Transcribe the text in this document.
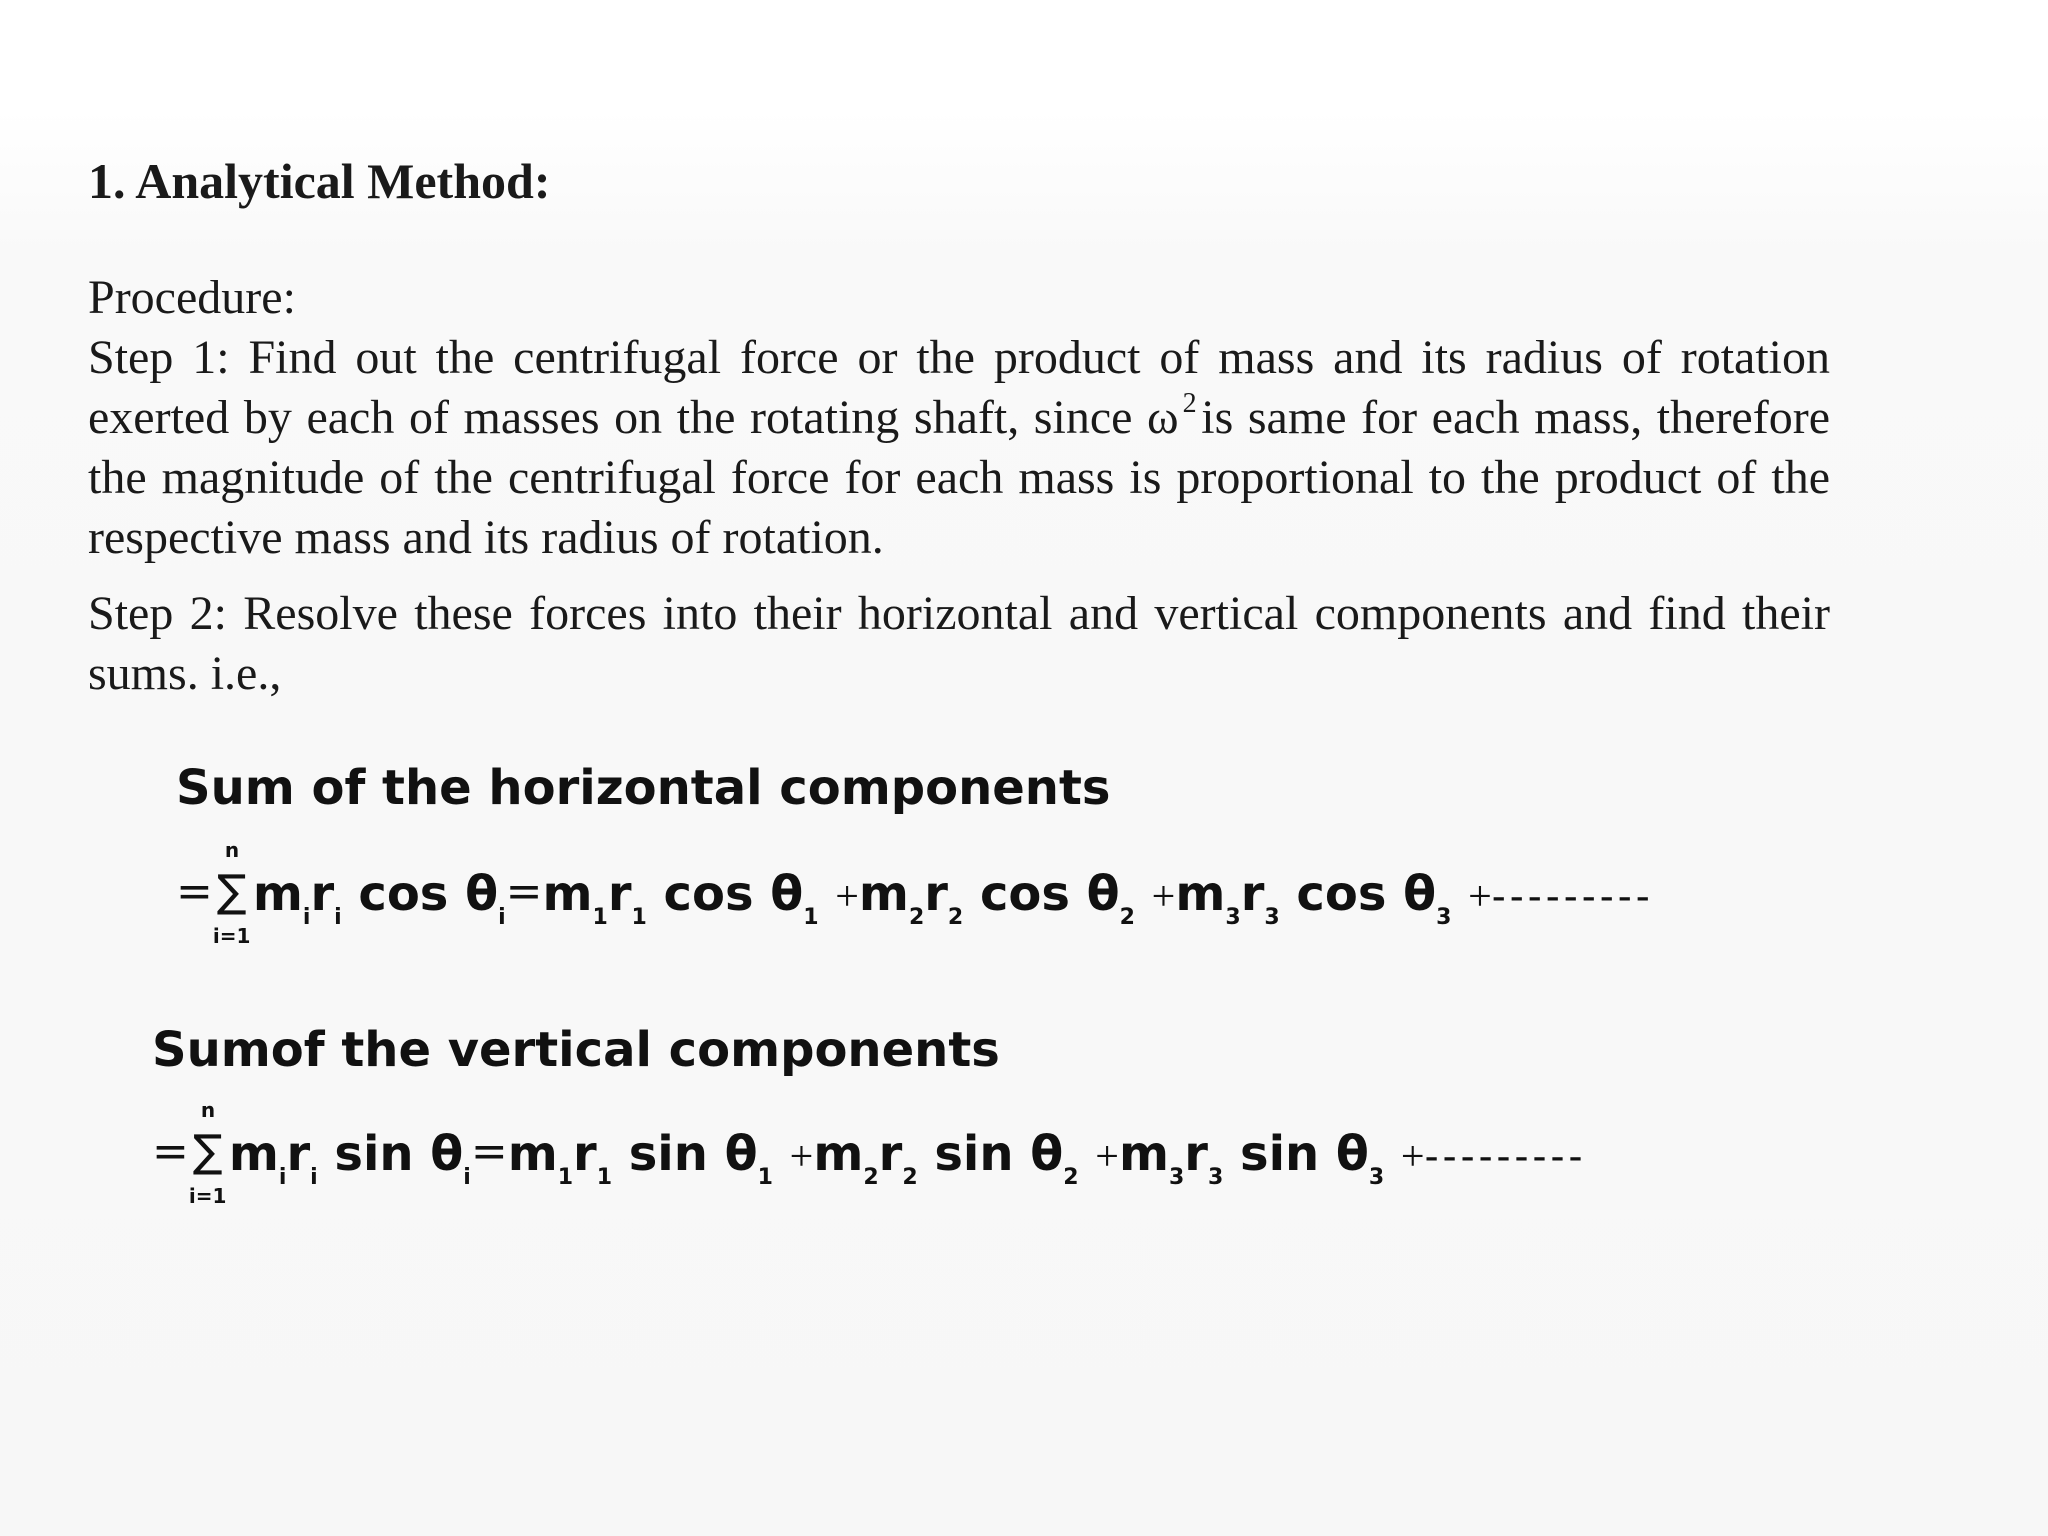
1. Analytical Method:
Procedure:
Step 1: Find out the centrifugal force or the product of mass and its radius of rotation exerted by each of masses on the rotating shaft, since ω 2 is same for each mass, therefore the magnitude of the centrifugal force for each mass is proportional to the product of the respective mass and its radius of rotation.
Step 2: Resolve these forces into their horizontal and vertical components and find their sums. i.e.,
Sum of the horizontal components
=
n
∑
i=1
$m_ir_i$ $\cos \theta_i=m_1r_1$ $\cos \theta_1 +m_2r_2$ $\cos \theta_2 +m_3r_3$ $\cos \theta_3$ +---------
Sumof the vertical components
=
n
∑
i=1
$m_ir_i$ $\sin \theta_i=m_1r_1$ $\sin \theta_1 +m_2r_2$ $\sin \theta_2 +m_3r_3$ $\sin \theta_3$ +---------
